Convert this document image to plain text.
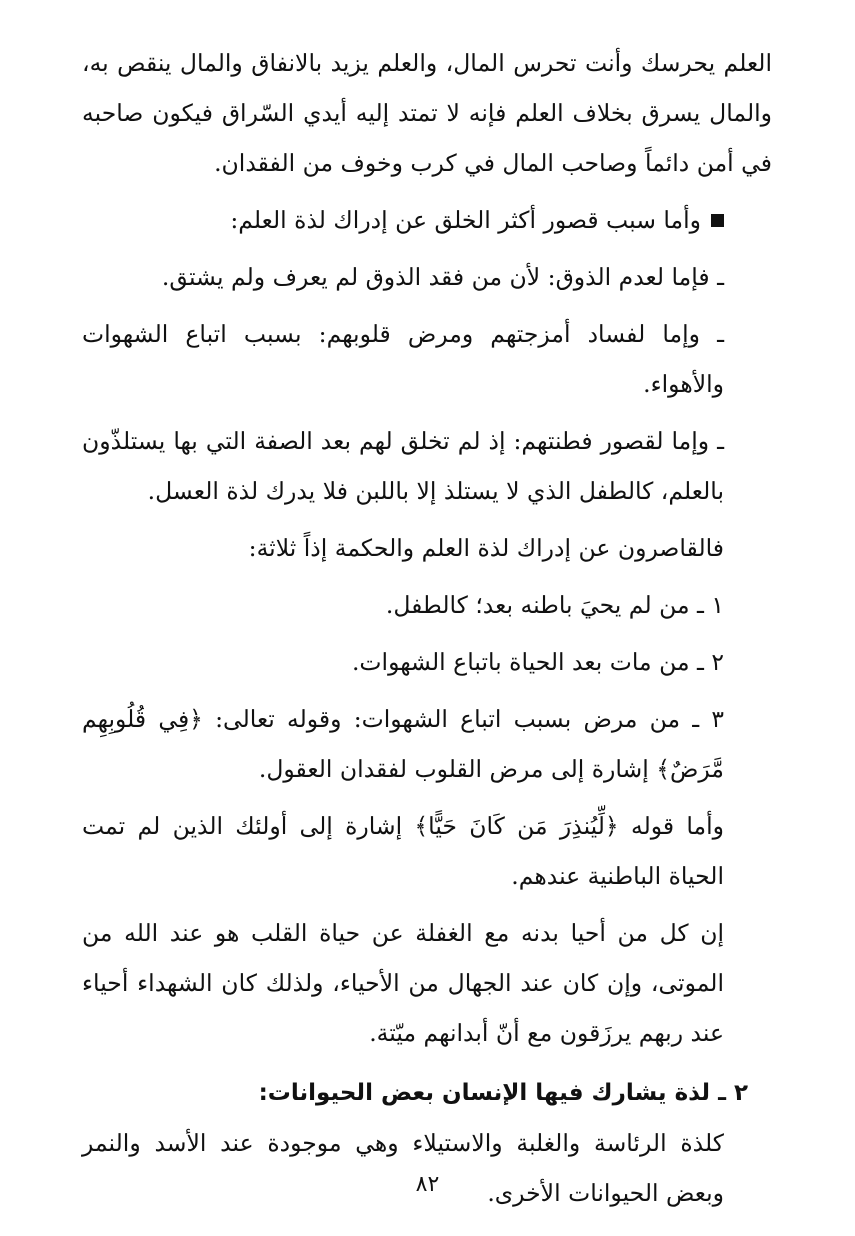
العلم يحرسك وأنت تحرس المال، والعلم يزيد بالانفاق والمال ينقص به، والمال يسرق بخلاف العلم فإنه لا تمتد إليه أيدي السّراق فيكون صاحبه في أمن دائماً وصاحب المال في كرب وخوف من الفقدان.

وأما سبب قصور أكثر الخلق عن إدراك لذة العلم:

ـ فإما لعدم الذوق: لأن من فقد الذوق لم يعرف ولم يشتق.

ـ وإما لفساد أمزجتهم ومرض قلوبهم: بسبب اتباع الشهوات والأهواء.

ـ وإما لقصور فطنتهم: إذ لم تخلق لهم بعد الصفة التي بها يستلذّون بالعلم، كالطفل الذي لا يستلذ إلا باللبن فلا يدرك لذة العسل.

فالقاصرون عن إدراك لذة العلم والحكمة إذاً ثلاثة:

١ ـ من لم يحيَ باطنه بعد؛ كالطفل.

٢ ـ من مات بعد الحياة باتباع الشهوات.

٣ ـ من مرض بسبب اتباع الشهوات: وقوله تعالى: ﴿فِي قُلُوبِهِم مَّرَضٌ﴾ إشارة إلى مرض القلوب لفقدان العقول.

وأما قوله ﴿لِّيُنذِرَ مَن كَانَ حَيًّا﴾ إشارة إلى أولئك الذين لم تمت الحياة الباطنية عندهم.

إن كل من أحيا بدنه مع الغفلة عن حياة القلب هو عند الله من الموتى، وإن كان عند الجهال من الأحياء، ولذلك كان الشهداء أحياء عند ربهم يرزَقون مع أنّ أبدانهم ميّتة.

٢ ـ لذة يشارك فيها الإنسان بعض الحيوانات:

كلذة الرئاسة والغلبة والاستيلاء وهي موجودة عند الأسد والنمر وبعض الحيوانات الأخرى.

٨٢
